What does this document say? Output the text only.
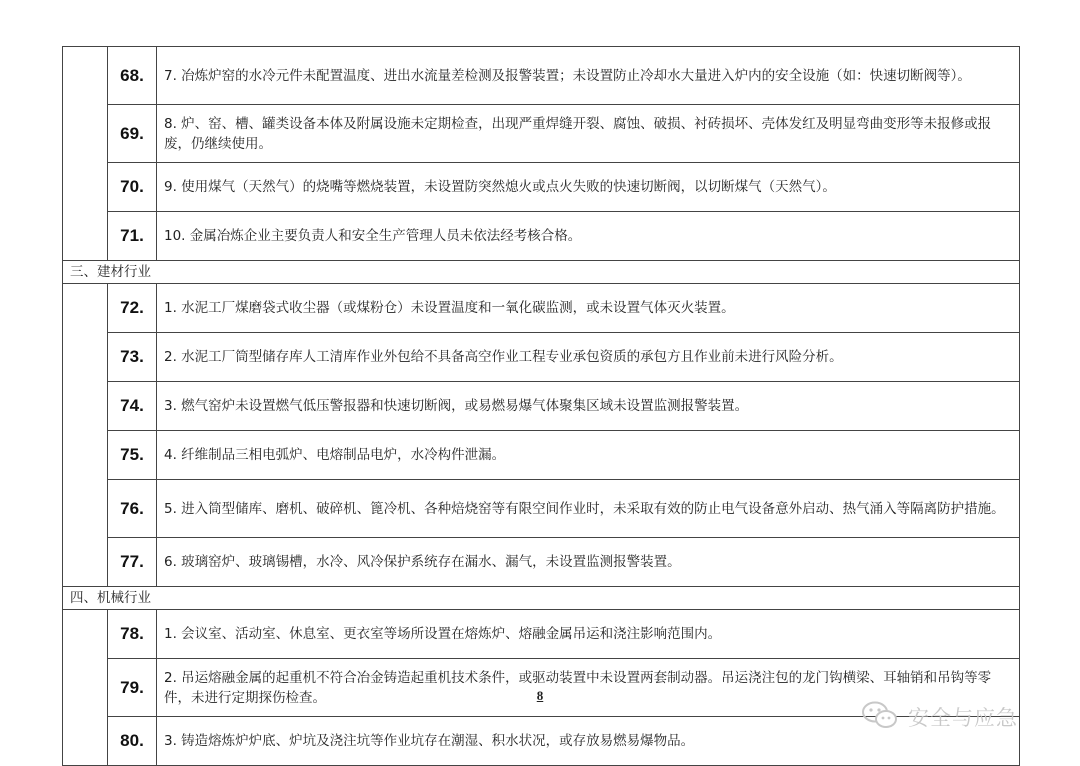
	68.	7. 冶炼炉窑的水冷元件未配置温度、进出水流量差检测及报警装置；未设置防止冷却水大量进入炉内的安全设施（如：快速切断阀等）。
	69.	8. 炉、窑、槽、罐类设备本体及附属设施未定期检查，出现严重焊缝开裂、腐蚀、破损、衬砖损坏、壳体发红及明显弯曲变形等未报修或报废，仍继续使用。
	70.	9. 使用煤气（天然气）的烧嘴等燃烧装置，未设置防突然熄火或点火失败的快速切断阀，以切断煤气（天然气）。
	71.	10. 金属冶炼企业主要负责人和安全生产管理人员未依法经考核合格。
三、建材行业		
	72.	1. 水泥工厂煤磨袋式收尘器（或煤粉仓）未设置温度和一氧化碳监测，或未设置气体灭火装置。
	73.	2. 水泥工厂筒型储存库人工清库作业外包给不具备高空作业工程专业承包资质的承包方且作业前未进行风险分析。
	74.	3. 燃气窑炉未设置燃气低压警报器和快速切断阀，或易燃易爆气体聚集区域未设置监测报警装置。
	75.	4. 纤维制品三相电弧炉、电熔制品电炉，水冷构件泄漏。
	76.	5. 进入筒型储库、磨机、破碎机、篦冷机、各种焙烧窑等有限空间作业时，未采取有效的防止电气设备意外启动、热气涌入等隔离防护措施。
	77.	6. 玻璃窑炉、玻璃锡槽，水冷、风冷保护系统存在漏水、漏气，未设置监测报警装置。
四、机械行业		
	78.	1. 会议室、活动室、休息室、更衣室等场所设置在熔炼炉、熔融金属吊运和浇注影响范围内。
	79.	2. 吊运熔融金属的起重机不符合冶金铸造起重机技术条件，或驱动装置中未设置两套制动器。吊运浇注包的龙门钩横梁、耳轴销和吊钩等零件，未进行定期探伤检查。
	80.	3. 铸造熔炼炉炉底、炉坑及浇注坑等作业坑存在潮湿、积水状况，或存放易燃易爆物品。
8
安全与应急
